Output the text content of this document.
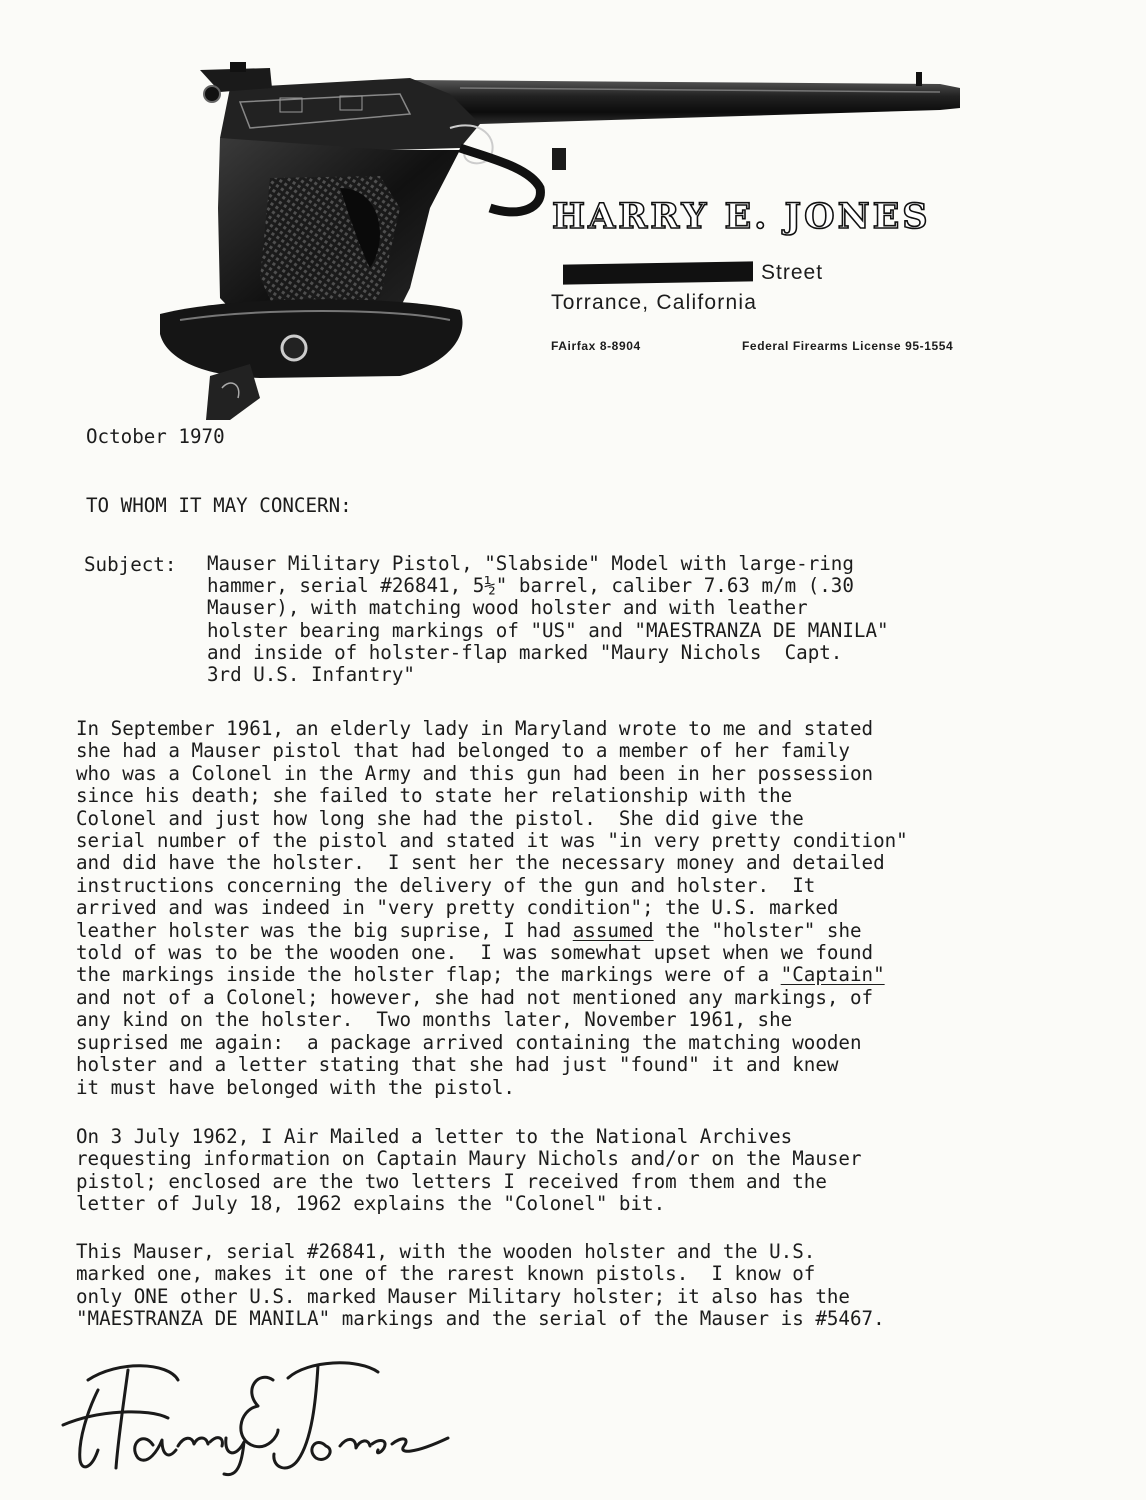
HARRY E. JONES
Street
Torrance, California
FAirfax 8-8904	Federal Firearms License 95-1554
October 1970
TO WHOM IT MAY CONCERN:
Subject: Mauser Military Pistol, "Slabside" Model with large-ring
hammer, serial #26841, 5½" barrel, caliber 7.63 m/m (.30
Mauser), with matching wood holster and with leather
holster bearing markings of "US" and "MAESTRANZA DE MANILA"
and inside of holster-flap marked "Maury Nichols  Capt.
3rd U.S. Infantry"
In September 1961, an elderly lady in Maryland wrote to me and stated
she had a Mauser pistol that had belonged to a member of her family
who was a Colonel in the Army and this gun had been in her possession
since his death; she failed to state her relationship with the
Colonel and just how long she had the pistol.  She did give the
serial number of the pistol and stated it was "in very pretty condition"
and did have the holster.  I sent her the necessary money and detailed
instructions concerning the delivery of the gun and holster.  It
arrived and was indeed in "very pretty condition"; the U.S. marked
leather holster was the big suprise, I had assumed the "holster" she
told of was to be the wooden one.  I was somewhat upset when we found
the markings inside the holster flap; the markings were of a "Captain"
and not of a Colonel; however, she had not mentioned any markings, of
any kind on the holster.  Two months later, November 1961, she
suprised me again:  a package arrived containing the matching wooden
holster and a letter stating that she had just "found" it and knew
it must have belonged with the pistol.
On 3 July 1962, I Air Mailed a letter to the National Archives
requesting information on Captain Maury Nichols and/or on the Mauser
pistol; enclosed are the two letters I received from them and the
letter of July 18, 1962 explains the "Colonel" bit.
This Mauser, serial #26841, with the wooden holster and the U.S.
marked one, makes it one of the rarest known pistols.  I know of
only ONE other U.S. marked Mauser Military holster; it also has the
"MAESTRANZA DE MANILA" markings and the serial of the Mauser is #5467.
